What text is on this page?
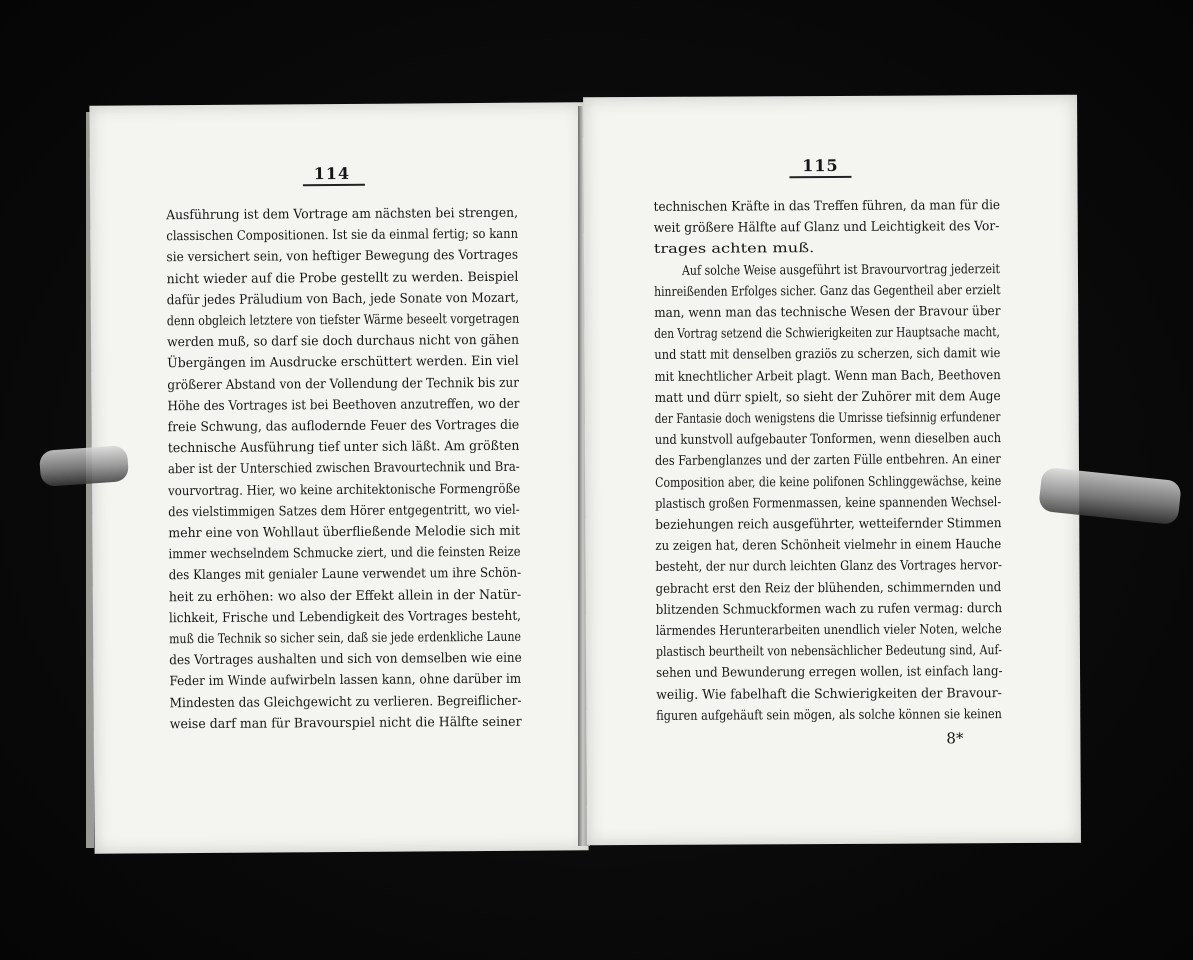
114
Ausführung ist dem Vortrage am nächsten bei strengen,
classischen Compositionen. Ist sie da einmal fertig; so kann
sie versichert sein, von heftiger Bewegung des Vortrages
nicht wieder auf die Probe gestellt zu werden. Beispiel
dafür jedes Präludium von Bach, jede Sonate von Mozart,
denn obgleich letztere von tiefster Wärme beseelt vorgetragen
werden muß, so darf sie doch durchaus nicht von gähen
Übergängen im Ausdrucke erschüttert werden. Ein viel
größerer Abstand von der Vollendung der Technik bis zur
Höhe des Vortrages ist bei Beethoven anzutreffen, wo der
freie Schwung, das auflodernde Feuer des Vortrages die
technische Ausführung tief unter sich läßt. Am größten
aber ist der Unterschied zwischen Bravourtechnik und Bra-
vourvortrag. Hier, wo keine architektonische Formengröße
des vielstimmigen Satzes dem Hörer entgegentritt, wo viel-
mehr eine von Wohllaut überfließende Melodie sich mit
immer wechselndem Schmucke ziert, und die feinsten Reize
des Klanges mit genialer Laune verwendet um ihre Schön-
heit zu erhöhen: wo also der Effekt allein in der Natür-
lichkeit, Frische und Lebendigkeit des Vortrages besteht,
muß die Technik so sicher sein, daß sie jede erdenkliche Laune
des Vortrages aushalten und sich von demselben wie eine
Feder im Winde aufwirbeln lassen kann, ohne darüber im
Mindesten das Gleichgewicht zu verlieren. Begreiflicher-
weise darf man für Bravourspiel nicht die Hälfte seiner
115
technischen Kräfte in das Treffen führen, da man für die
weit größere Hälfte auf Glanz und Leichtigkeit des Vor-
trages achten muß.
Auf solche Weise ausgeführt ist Bravourvortrag jederzeit
hinreißenden Erfolges sicher. Ganz das Gegentheil aber erzielt
man, wenn man das technische Wesen der Bravour über
den Vortrag setzend die Schwierigkeiten zur Hauptsache macht,
und statt mit denselben graziös zu scherzen, sich damit wie
mit knechtlicher Arbeit plagt. Wenn man Bach, Beethoven
matt und dürr spielt, so sieht der Zuhörer mit dem Auge
der Fantasie doch wenigstens die Umrisse tiefsinnig erfundener
und kunstvoll aufgebauter Tonformen, wenn dieselben auch
des Farbenglanzes und der zarten Fülle entbehren. An einer
Composition aber, die keine polifonen Schlinggewächse, keine
plastisch großen Formenmassen, keine spannenden Wechsel-
beziehungen reich ausgeführter, wetteifernder Stimmen
zu zeigen hat, deren Schönheit vielmehr in einem Hauche
besteht, der nur durch leichten Glanz des Vortrages hervor-
gebracht erst den Reiz der blühenden, schimmernden und
blitzenden Schmuckformen wach zu rufen vermag: durch
lärmendes Herunterarbeiten unendlich vieler Noten, welche
plastisch beurtheilt von nebensächlicher Bedeutung sind, Auf-
sehen und Bewunderung erregen wollen, ist einfach lang-
weilig. Wie fabelhaft die Schwierigkeiten der Bravour-
figuren aufgehäuft sein mögen, als solche können sie keinen
8*
